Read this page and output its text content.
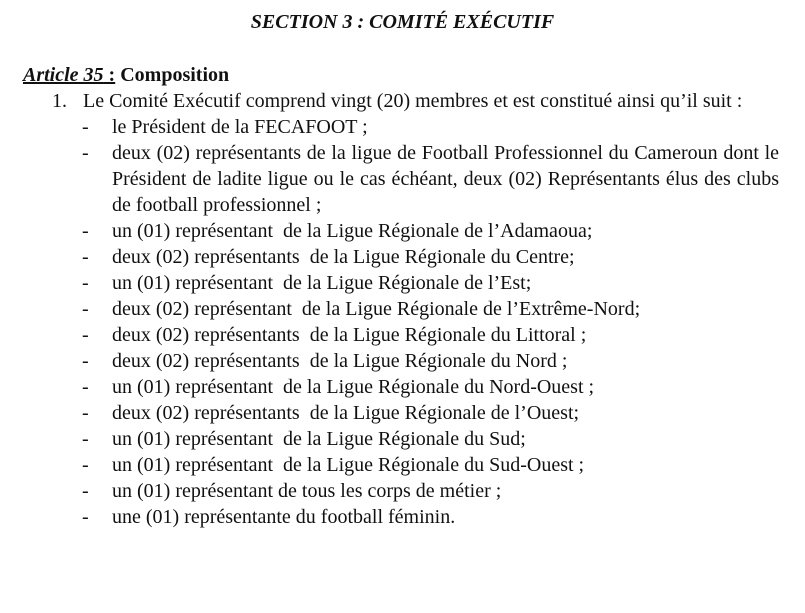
SECTION 3 : COMITÉ EXÉCUTIF

Article 35 : Composition

1. Le Comité Exécutif comprend vingt (20) membres et est constitué ainsi qu’il suit :
- le Président de la FECAFOOT ;
- deux (02) représentants de la ligue de Football Professionnel du Cameroun dont le Président de ladite ligue ou le cas échéant, deux (02) Représentants élus des clubs de football professionnel ;
- un (01) représentant  de la Ligue Régionale de l’Adamaoua;
- deux (02) représentants  de la Ligue Régionale du Centre;
- un (01) représentant  de la Ligue Régionale de l’Est;
- deux (02) représentant  de la Ligue Régionale de l’Extrême-Nord;
- deux (02) représentants  de la Ligue Régionale du Littoral ;
- deux (02) représentants  de la Ligue Régionale du Nord ;
- un (01) représentant  de la Ligue Régionale du Nord-Ouest ;
- deux (02) représentants  de la Ligue Régionale de l’Ouest;
- un (01) représentant  de la Ligue Régionale du Sud;
- un (01) représentant  de la Ligue Régionale du Sud-Ouest ;
- un (01) représentant de tous les corps de métier ;
- une (01) représentante du football féminin.
